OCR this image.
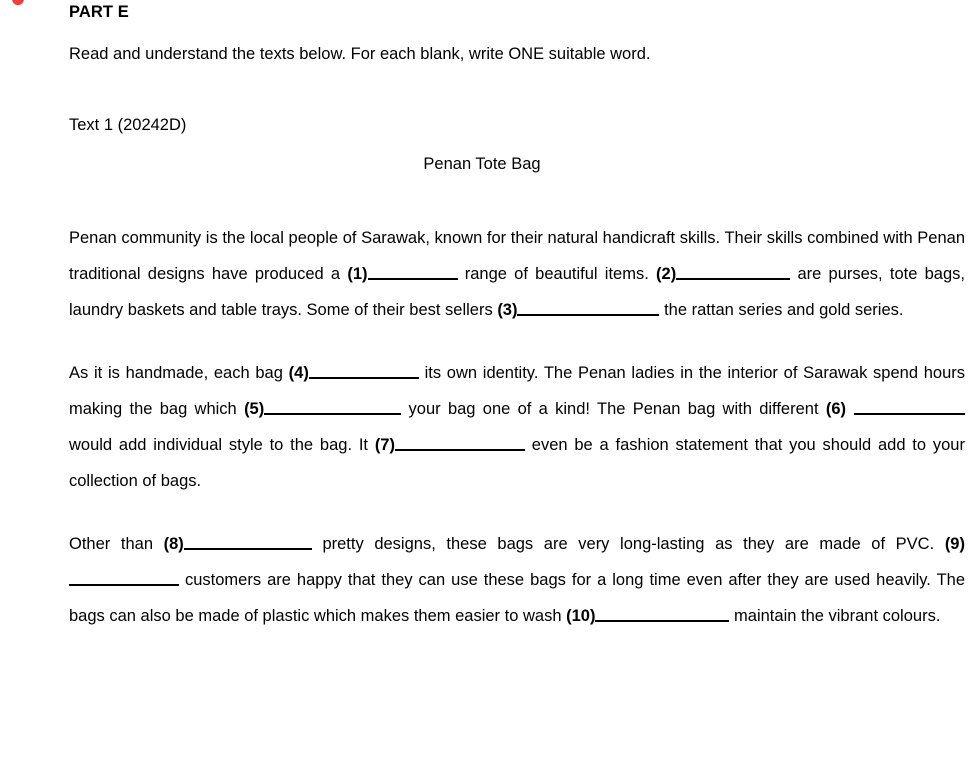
PART E
Read and understand the texts below. For each blank, write ONE suitable word.
Text 1 (20242D)
Penan Tote Bag
Penan community is the local people of Sarawak, known for their natural handicraft skills. Their skills combined with Penan traditional designs have produced a (1)	range of beautiful items. (2)	are purses, tote bags, laundry baskets and table trays. Some of their best sellers (3)	the rattan series and gold series.
As it is handmade, each bag (4)	its own identity. The Penan ladies in the interior of Sarawak spend hours making the bag which (5)	your bag one of a kind! The Penan bag with different (6) would add individual style to the bag. It (7)	even be a fashion statement that you should add to your collection of bags.
Other than (8)	pretty designs, these bags are very long-lasting as they are made of PVC. (9) customers are happy that they can use these bags for a long time even after they are used heavily. The bags can also be made of plastic which makes them easier to wash (10)	maintain the vibrant colours.
